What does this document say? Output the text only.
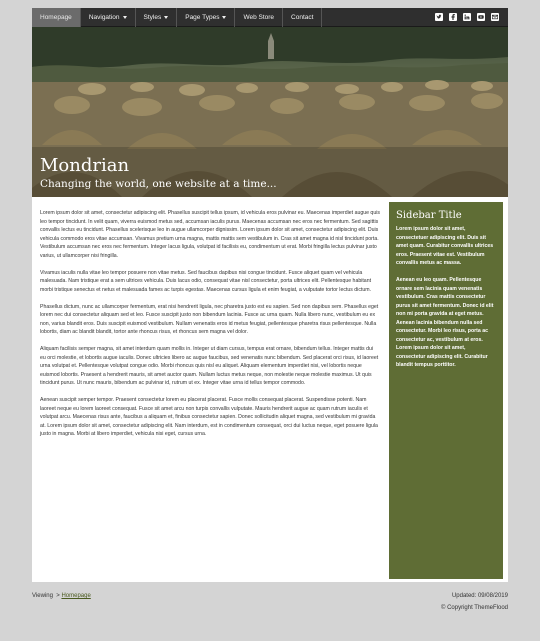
Homepage	Navigation	Styles	Page Types	Web Store	Contact
Mondrian
Changing the world, one website at a time...

Lorem ipsum dolor sit amet, consectetur adipiscing elit. Phasellus suscipit tellus ipsum, id vehicula eros pulvinar eu. Maecenas imperdiet augue quis leo tempor tincidunt. In velit quam, viverra euismod metus sed, accumsan iaculis purus. Maecenas accumsan nec eros nec fermentum. Sed sagittis convallis lectus eu tincidunt. Phasellus scelerisque leo in augue ullamcorper dignissim. Lorem ipsum dolor sit amet, consectetur adipiscing elit. Duis vehicula commodo eros vitae accumsan. Vivamus pretium urna magna, mattis mattis sem vestibulum in. Cras sit amet magna id nisl tincidunt porta. Vestibulum accumsan nec eros nec fermentum. Integer lacus ligula, volutpat id facilisis eu, condimentum ut erat. Morbi fringilla lectus pulvinar justo varius, ut ullamcorper nisi fringilla.

Vivamus iaculis nulla vitae leo tempor posuere non vitae metus. Sed faucibus dapibus nisi congue tincidunt. Fusce aliquet quam vel vehicula malesuada. Nam tristique erat a sem ultrices vehicula. Duis lacus odio, consequat vitae nisl consectetur, porta ultrices elit. Pellentesque habitant morbi tristique senectus et netus et malesuada fames ac turpis egestas. Maecenas cursus ligula et enim feugiat, a vulputate tortor lectus dictum.

Phasellus dictum, nunc ac ullamcorper fermentum, erat nisi hendrerit ligula, nec pharetra justo est eu sapien. Sed non dapibus sem. Phasellus eget lorem nec dui consectetur aliquam sed et leo. Fusce suscipit justo non bibendum lacinia. Fusce ac urna quam. Nulla libero nunc, vestibulum eu ex non, varius blandit eros. Duis suscipit euismod vestibulum. Nullam venenatis eros id metus feugiat, pellentesque pharetra risus pellentesque. Nulla lobortis, diam ac blandit blandit, tortor ante rhoncus risus, et rhoncus sem magna vel dolor.

Aliquam facilisis semper magna, sit amet interdum quam mollis in. Integer ut diam cursus, tempus erat ornare, bibendum tellus. Integer mattis dui eu orci molestie, et lobortis augue iaculis. Donec ultricies libero ac augue faucibus, sed venenatis nunc bibendum. Sed placerat orci risus, id laoreet urna volutpat et. Pellentesque volutpat congue odio. Morbi rhoncus quis nisl eu aliquet. Aliquam elementum imperdiet nisi, vel lobortis neque euismod lobortis. Praesent a hendrerit mauris, sit amet auctor quam. Nullam luctus metus neque, non molestie neque molestie maximus. Ut quis tincidunt purus. Ut nunc mauris, bibendum ac pulvinar id, rutrum ut ex. Integer vitae urna id tellus tempor commodo.

Aenean suscipit semper tempor. Praesent consectetur lorem eu placerat placerat. Fusce mollis consequat placerat. Suspendisse potenti. Nam laoreet neque eu lorem laoreet consequat. Fusce sit amet arcu non turpis convallis vulputate. Mauris hendrerit augue ac quam rutrum iaculis et volutpat arcu. Maecenas risus ante, faucibus a aliquam et, finibus consectetur sapien. Donec sollicitudin aliquet magna, sed vestibulum mi gravida at. Lorem ipsum dolor sit amet, consectetur adipiscing elit. Nam interdum, est in condimentum consequat, orci dui luctus neque, eget posuere ligula justo in magna. Morbi at libero imperdiet, vehicula nisi eget, cursus urna.

Sidebar Title

Lorem ipsum dolor sit amet, consectetuer adipiscing elit. Duis sit amet quam. Curabitur convallis ultrices eros. Praesent vitae est. Vestibulum convallis metus ac massa.

Aenean eu leo quam. Pellentesque ornare sem lacinia quam venenatis vestibulum. Cras mattis consectetur purus sit amet fermentum. Donec id elit non mi porta gravida at eget metus. Aenean lacinia bibendum nulla sed consectetur. Morbi leo risus, porta ac consectetur ac, vestibulum at eros. Lorem ipsum dolor sit amet, consectetur adipiscing elit. Curabitur blandit tempus porttitor.

Viewing > Homepage	Updated: 09/08/2019
© Copyright ThemeFlood
